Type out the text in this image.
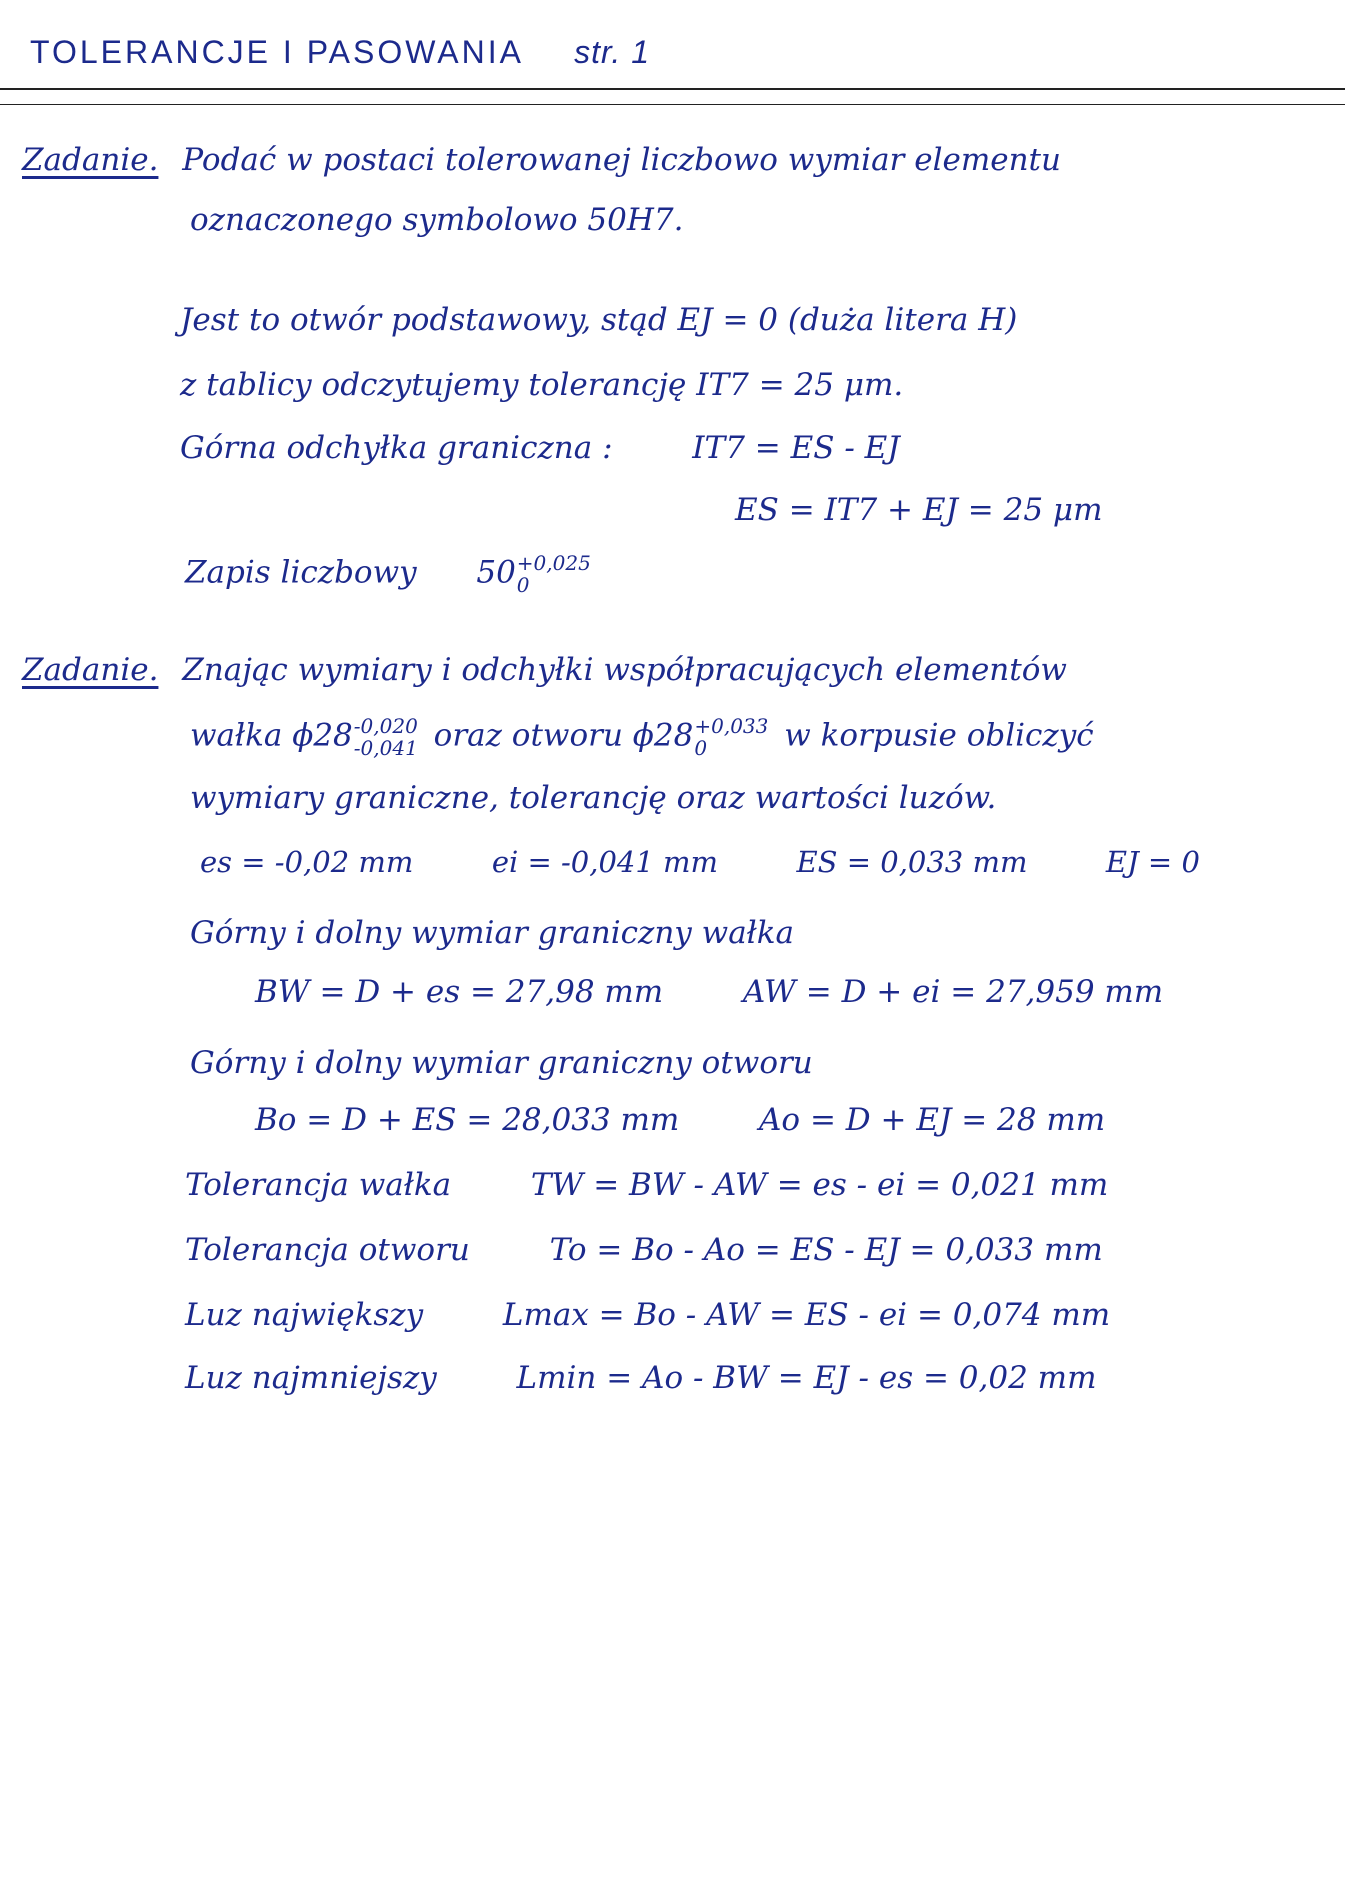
TOLERANCJE I PASOWANIA str. 1
Zadanie. Podać w postaci tolerowanej liczbowo wymiar elementu
oznaczonego symbolowo 50H7.
Jest to otwór podstawowy, stąd EJ = 0 (duża litera H)
z tablicy odczytujemy tolerancję IT7 = 25 μm.
Górna odchyłka graniczna :	IT7 = ES - EJ
ES = IT7 + EJ = 25 μm
Zapis liczbowy 50 +0,025
0
Zadanie. Znając wymiary i odchyłki współpracujących elementów
wałka ϕ28 -0,020
-0,041 oraz otworu ϕ28 +0,033
0	w korpusie obliczyć
wymiary graniczne, tolerancję oraz wartości luzów.
es = -0,02 mm	ei = -0,041 mm	ES = 0,033 mm	EJ = 0
Górny i dolny wymiar graniczny wałka
BW = D + es = 27,98 mm	AW = D + ei = 27,959 mm
Górny i dolny wymiar graniczny otworu
Bo = D + ES = 28,033 mm	Ao = D + EJ = 28 mm
Tolerancja wałka	TW = BW - AW = es - ei = 0,021 mm
Tolerancja otworu	To = Bo - Ao = ES - EJ = 0,033 mm
Luz największy	Lmax = Bo - AW = ES - ei = 0,074 mm
Luz najmniejszy	Lmin = Ao - BW = EJ - es = 0,02 mm
